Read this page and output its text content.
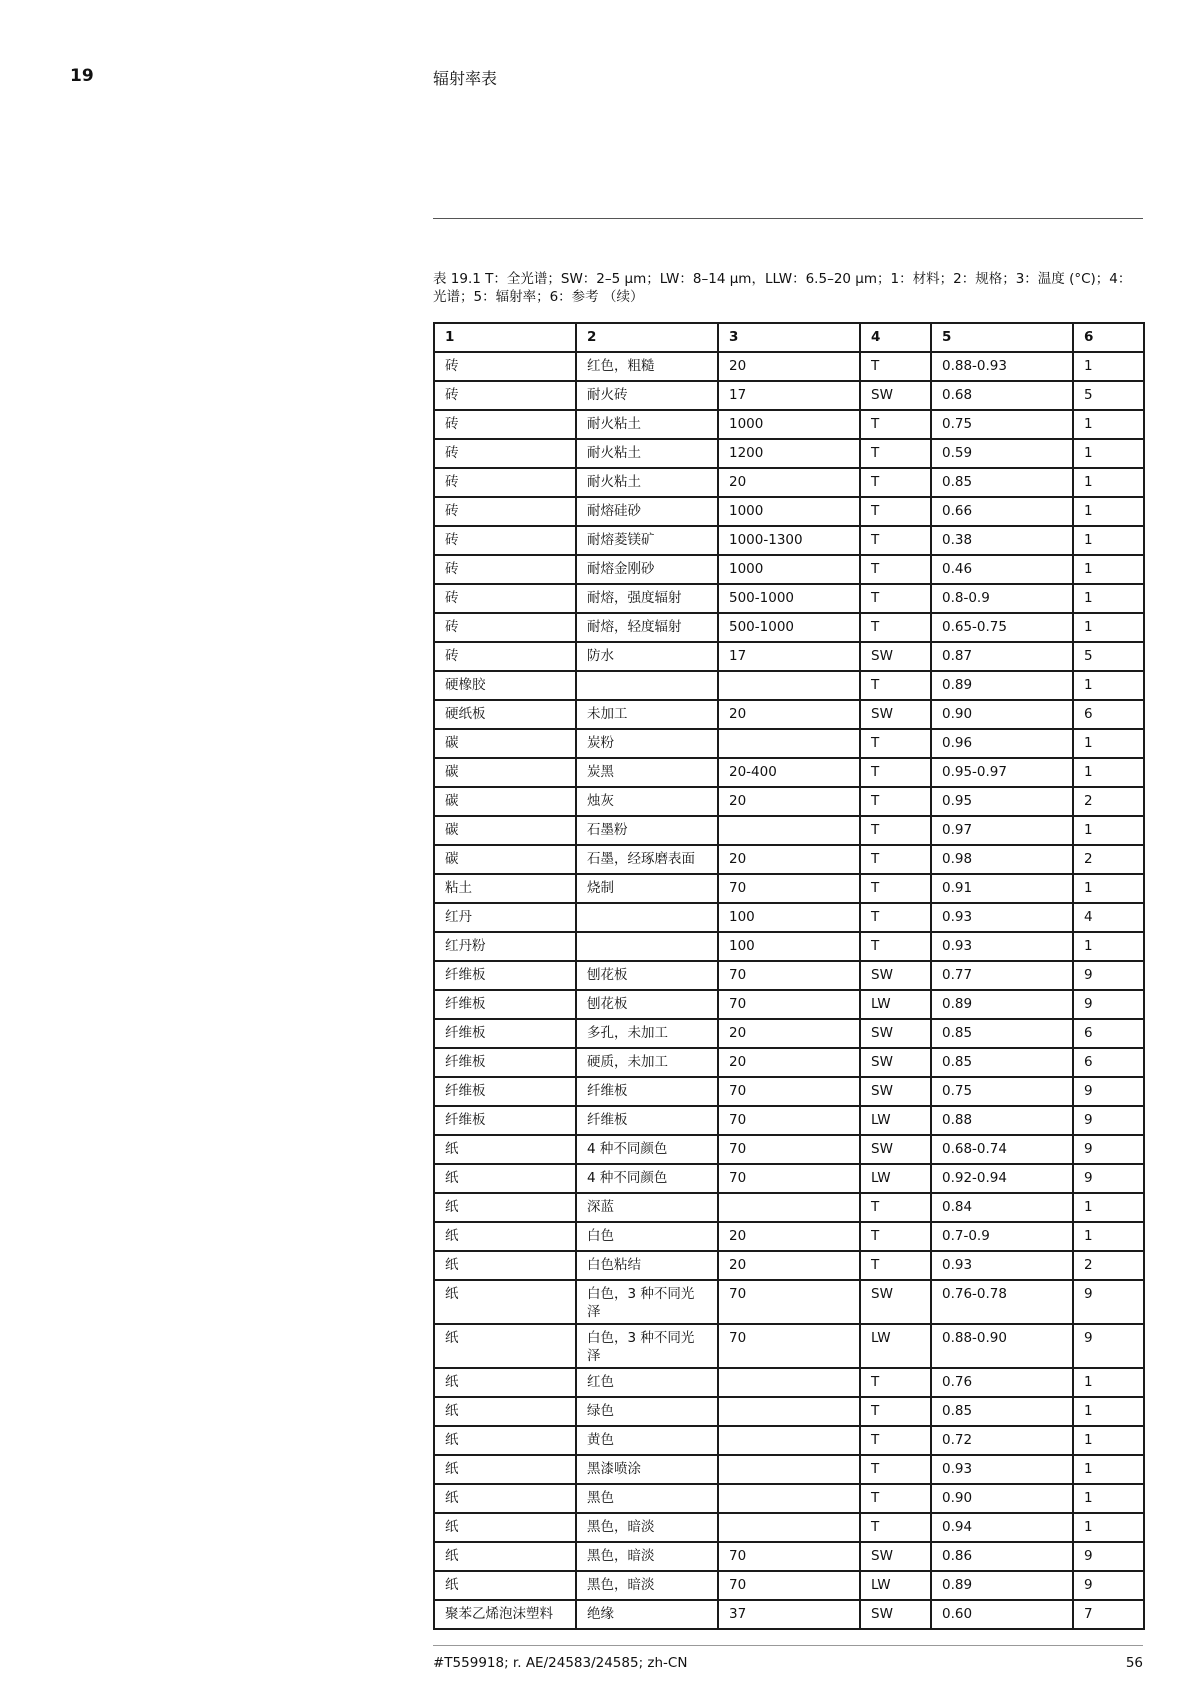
19	辐射率表
表 19.1 T：全光谱；SW：2–5 µm；LW：8–14 µm，LLW：6.5–20 µm；1：材料；2：规格；3：温度 (°C)；4：光谱；5：辐射率；6：参考 （续）
1	2	3	4	5	6
砖	红色，粗糙	20	T	0.88-0.93	1
砖	耐火砖	17	SW	0.68	5
砖	耐火粘土	1000	T	0.75	1
砖	耐火粘土	1200	T	0.59	1
砖	耐火粘土	20	T	0.85	1
砖	耐熔硅砂	1000	T	0.66	1
砖	耐熔菱镁矿	1000-1300	T	0.38	1
砖	耐熔金刚砂	1000	T	0.46	1
砖	耐熔，强度辐射	500-1000	T	0.8-0.9	1
砖	耐熔，轻度辐射	500-1000	T	0.65-0.75	1
砖	防水	17	SW	0.87	5
硬橡胶			T	0.89	1
硬纸板	未加工	20	SW	0.90	6
碳	炭粉		T	0.96	1
碳	炭黑	20-400	T	0.95-0.97	1
碳	烛灰	20	T	0.95	2
碳	石墨粉		T	0.97	1
碳	石墨，经琢磨表面	20	T	0.98	2
粘土	烧制	70	T	0.91	1
红丹		100	T	0.93	4
红丹粉		100	T	0.93	1
纤维板	刨花板	70	SW	0.77	9
纤维板	刨花板	70	LW	0.89	9
纤维板	多孔，未加工	20	SW	0.85	6
纤维板	硬质，未加工	20	SW	0.85	6
纤维板	纤维板	70	SW	0.75	9
纤维板	纤维板	70	LW	0.88	9
纸	4 种不同颜色	70	SW	0.68-0.74	9
纸	4 种不同颜色	70	LW	0.92-0.94	9
纸	深蓝		T	0.84	1
纸	白色	20	T	0.7-0.9	1
纸	白色粘结	20	T	0.93	2
纸	白色，3 种不同光泽	70	SW	0.76-0.78	9
纸	白色，3 种不同光泽	70	LW	0.88-0.90	9
纸	红色		T	0.76	1
纸	绿色		T	0.85	1
纸	黄色		T	0.72	1
纸	黑漆喷涂		T	0.93	1
纸	黑色		T	0.90	1
纸	黑色，暗淡		T	0.94	1
纸	黑色，暗淡	70	SW	0.86	9
纸	黑色，暗淡	70	LW	0.89	9
聚苯乙烯泡沫塑料	绝缘	37	SW	0.60	7
#T559918; r. AE/24583/24585; zh-CN	56
